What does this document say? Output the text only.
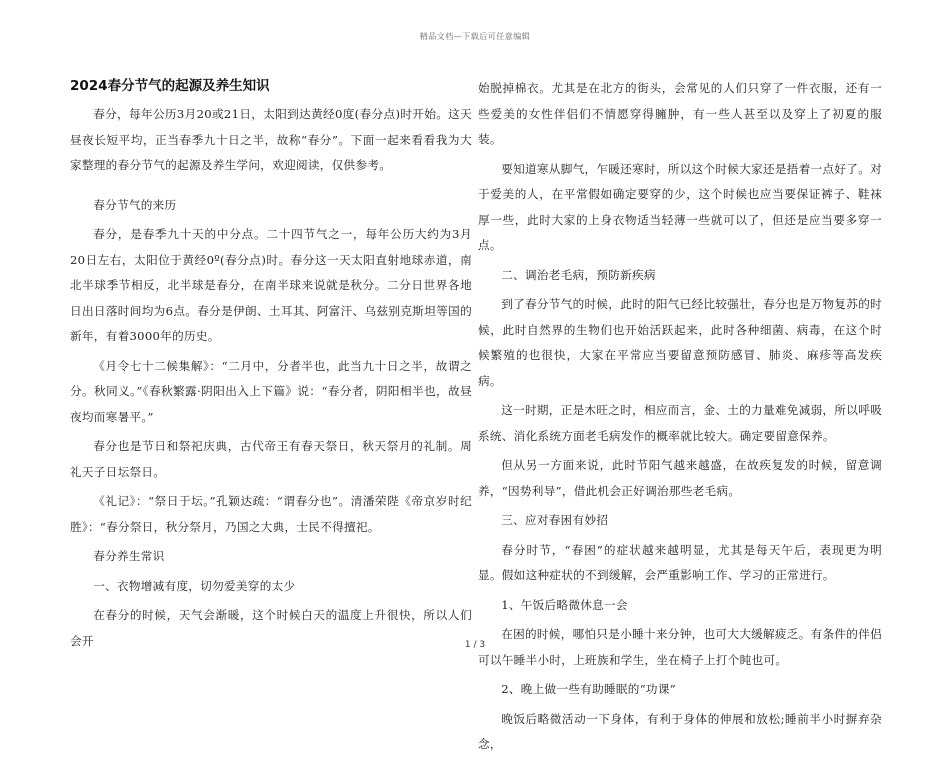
精品文档—下载后可任意编辑
2024春分节气的起源及养生知识

春分，每年公历3月20或21日，太阳到达黄经0度(春分点)时开始。这天昼夜长短平均，正当春季九十日之半，故称“春分”。下面一起来看看我为大家整理的春分节气的起源及养生学问，欢迎阅读，仅供参考。

春分节气的来历

春分，是春季九十天的中分点。二十四节气之一，每年公历大约为3月20日左右，太阳位于黄经0º(春分点)时。春分这一天太阳直射地球赤道，南北半球季节相反，北半球是春分，在南半球来说就是秋分。二分日世界各地日出日落时间均为6点。春分是伊朗、土耳其、阿富汗、乌兹别克斯坦等国的新年，有着3000年的历史。

《月令七十二候集解》：“二月中，分者半也，此当九十日之半，故谓之分。秋同义。”《春秋繁露·阴阳出入上下篇》说：“春分者，阴阳相半也，故昼夜均而寒暑平。”

春分也是节日和祭祀庆典，古代帝王有春天祭日，秋天祭月的礼制。周礼天子日坛祭日。

《礼记》：“祭日于坛。”孔颖达疏：“谓春分也”。清潘荣陛《帝京岁时纪胜》：“春分祭日，秋分祭月，乃国之大典，士民不得擅祀。

春分养生常识

一、衣物增减有度，切勿爱美穿的太少

在春分的时候，天气会渐暖，这个时候白天的温度上升很快，所以人们会开

始脱掉棉衣。尤其是在北方的街头，会常见的人们只穿了一件衣服，还有一些爱美的女性伴侣们不情愿穿得臃肿，有一些人甚至以及穿上了初夏的服装。

要知道寒从脚气，乍暖还寒时，所以这个时候大家还是捂着一点好了。对于爱美的人，在平常假如确定要穿的少，这个时候也应当要保证裤子、鞋袜厚一些，此时大家的上身衣物适当轻薄一些就可以了，但还是应当要多穿一点。

二、调治老毛病，预防新疾病

到了春分节气的时候，此时的阳气已经比较强壮，春分也是万物复苏的时候，此时自然界的生物们也开始活跃起来，此时各种细菌、病毒，在这个时候繁殖的也很快，大家在平常应当要留意预防感冒、肺炎、麻疹等高发疾病。

这一时期，正是木旺之时，相应而言，金、土的力量难免减弱，所以呼吸系统、消化系统方面老毛病发作的概率就比较大。确定要留意保养。

但从另一方面来说，此时节阳气越来越盛，在故疾复发的时候，留意调养，“因势利导”，借此机会正好调治那些老毛病。

三、应对春困有妙招

春分时节，“春困”的症状越来越明显，尤其是每天午后，表现更为明显。假如这种症状的不到缓解，会严重影响工作、学习的正常进行。

1、午饭后略微休息一会

在困的时候，哪怕只是小睡十来分钟，也可大大缓解疲乏。有条件的伴侣可以午睡半小时，上班族和学生，坐在椅子上打个盹也可。

2、晚上做一些有助睡眠的“功课”

晚饭后略微活动一下身体，有利于身体的伸展和放松;睡前半小时摒弃杂念，

1 / 3
